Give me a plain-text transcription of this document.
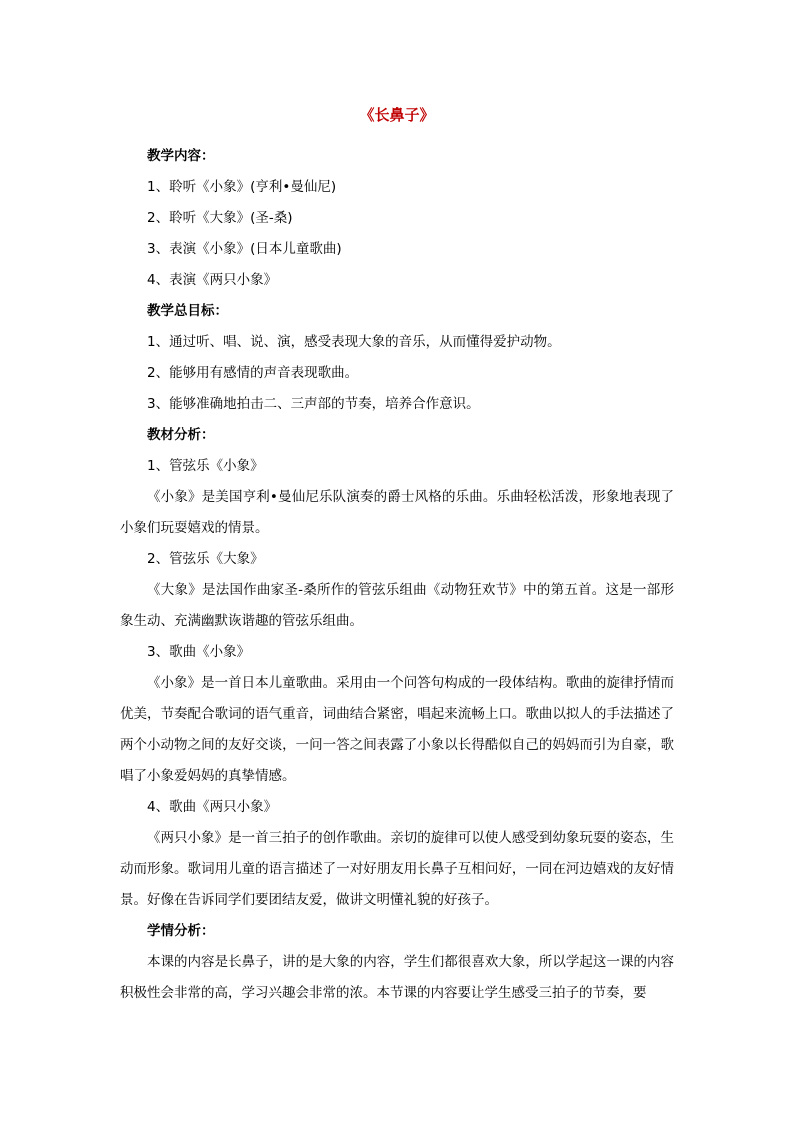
《长鼻子》

教学内容：

1、聆听《小象》(亨利•曼仙尼)

2、聆听《大象》(圣-桑)

3、表演《小象》(日本儿童歌曲)

4、表演《两只小象》

教学总目标：

1、通过听、唱、说、演，感受表现大象的音乐，从而懂得爱护动物。

2、能够用有感情的声音表现歌曲。

3、能够准确地拍击二、三声部的节奏，培养合作意识。

教材分析：

1、管弦乐《小象》

《小象》是美国亨利•曼仙尼乐队演奏的爵士风格的乐曲。乐曲轻松活泼，形象地表现了小象们玩耍嬉戏的情景。

2、管弦乐《大象》

《大象》是法国作曲家圣-桑所作的管弦乐组曲《动物狂欢节》中的第五首。这是一部形象生动、充满幽默诙谐趣的管弦乐组曲。

3、歌曲《小象》

《小象》是一首日本儿童歌曲。采用由一个问答句构成的一段体结构。歌曲的旋律抒情而优美，节奏配合歌词的语气重音，词曲结合紧密，唱起来流畅上口。歌曲以拟人的手法描述了两个小动物之间的友好交谈，一问一答之间表露了小象以长得酷似自己的妈妈而引为自豪，歌唱了小象爱妈妈的真挚情感。

4、歌曲《两只小象》

《两只小象》是一首三拍子的创作歌曲。亲切的旋律可以使人感受到幼象玩耍的姿态，生动而形象。歌词用儿童的语言描述了一对好朋友用长鼻子互相问好，一同在河边嬉戏的友好情景。好像在告诉同学们要团结友爱，做讲文明懂礼貌的好孩子。

学情分析：

本课的内容是长鼻子，讲的是大象的内容，学生们都很喜欢大象，所以学起这一课的内容积极性会非常的高，学习兴趣会非常的浓。本节课的内容要让学生感受三拍子的节奏，要
